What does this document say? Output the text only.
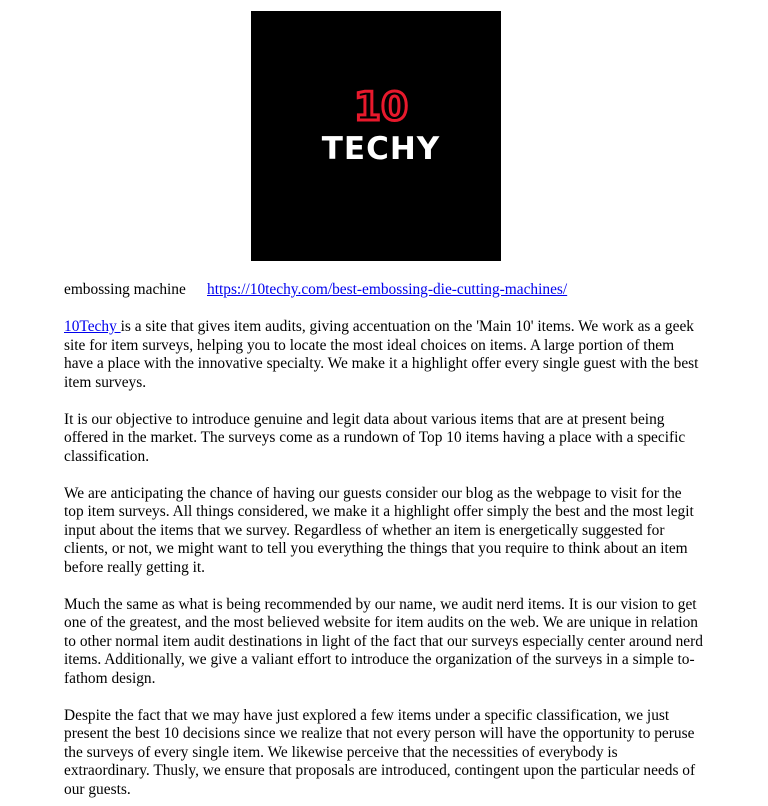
10
TECHY

embossing machine https://10techy.com/best-embossing-die-cutting-machines/

10Techy is a site that gives item audits, giving accentuation on the 'Main 10' items. We work as a geek site for item surveys, helping you to locate the most ideal choices on items. A large portion of them have a place with the innovative specialty. We make it a highlight offer every single guest with the best item surveys.

It is our objective to introduce genuine and legit data about various items that are at present being offered in the market. The surveys come as a rundown of Top 10 items having a place with a specific classification.

We are anticipating the chance of having our guests consider our blog as the webpage to visit for the top item surveys. All things considered, we make it a highlight offer simply the best and the most legit input about the items that we survey. Regardless of whether an item is energetically suggested for clients, or not, we might want to tell you everything the things that you require to think about an item before really getting it.

Much the same as what is being recommended by our name, we audit nerd items. It is our vision to get one of the greatest, and the most believed website for item audits on the web. We are unique in relation to other normal item audit destinations in light of the fact that our surveys especially center around nerd items. Additionally, we give a valiant effort to introduce the organization of the surveys in a simple to-fathom design.

Despite the fact that we may have just explored a few items under a specific classification, we just present the best 10 decisions since we realize that not every person will have the opportunity to peruse the surveys of every single item. We likewise perceive that the necessities of everybody is extraordinary. Thusly, we ensure that proposals are introduced, contingent upon the particular needs of our guests.
